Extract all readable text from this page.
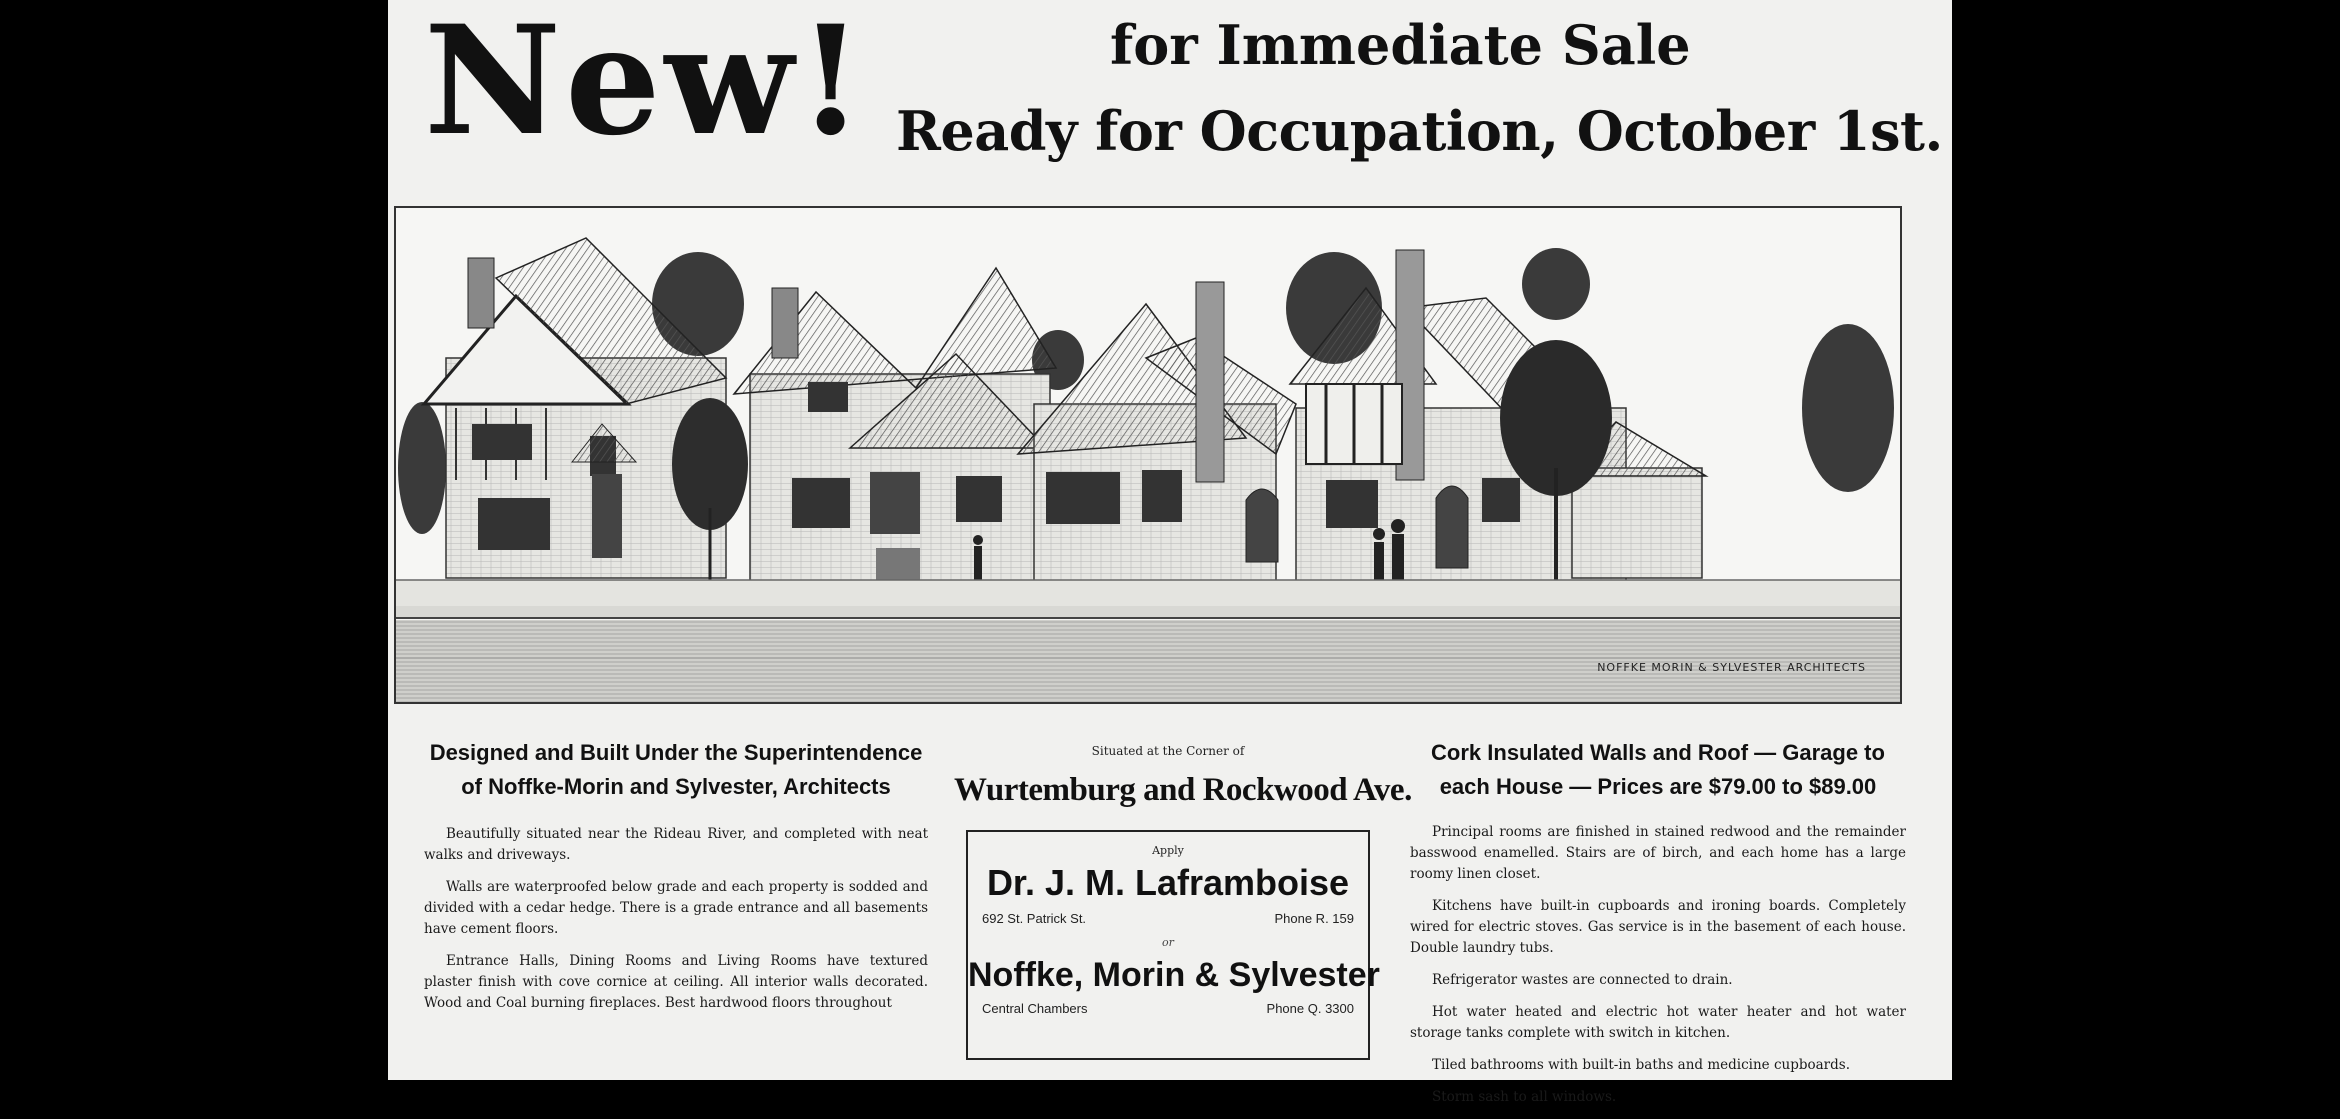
New!	for Immediate Sale
Ready for Occupation, October 1st.
NOFFKE MORIN & SYLVESTER ARCHITECTS
Designed and Built Under the Superintendence of Noffke-Morin and Sylvester, Architects

Beautifully situated near the Rideau River, and completed with neat walks and driveways.

Walls are waterproofed below grade and each property is sodded and divided with a cedar hedge. There is a grade entrance and all basements have cement floors.

Entrance Halls, Dining Rooms and Living Rooms have textured plaster finish with cove cornice at ceiling. All interior walls decorated. Wood and Coal burning fireplaces. Best hardwood floors throughout

Situated at the Corner of
Wurtemburg and Rockwood Ave.
Apply
Dr. J. M. Laframboise
692 St. Patrick St.	Phone R. 159
or
Noffke, Morin & Sylvester
Central Chambers	Phone Q. 3300
Cork Insulated Walls and Roof — Garage to each House — Prices are $79.00 to $89.00

Principal rooms are finished in stained redwood and the remainder basswood enamelled. Stairs are of birch, and each home has a large roomy linen closet.

Kitchens have built-in cupboards and ironing boards. Completely wired for electric stoves. Gas service is in the basement of each house. Double laundry tubs.

Refrigerator wastes are connected to drain.

Hot water heated and electric hot water heater and hot water storage tanks complete with switch in kitchen.

Tiled bathrooms with built-in baths and medicine cupboards.

Storm sash to all windows.
